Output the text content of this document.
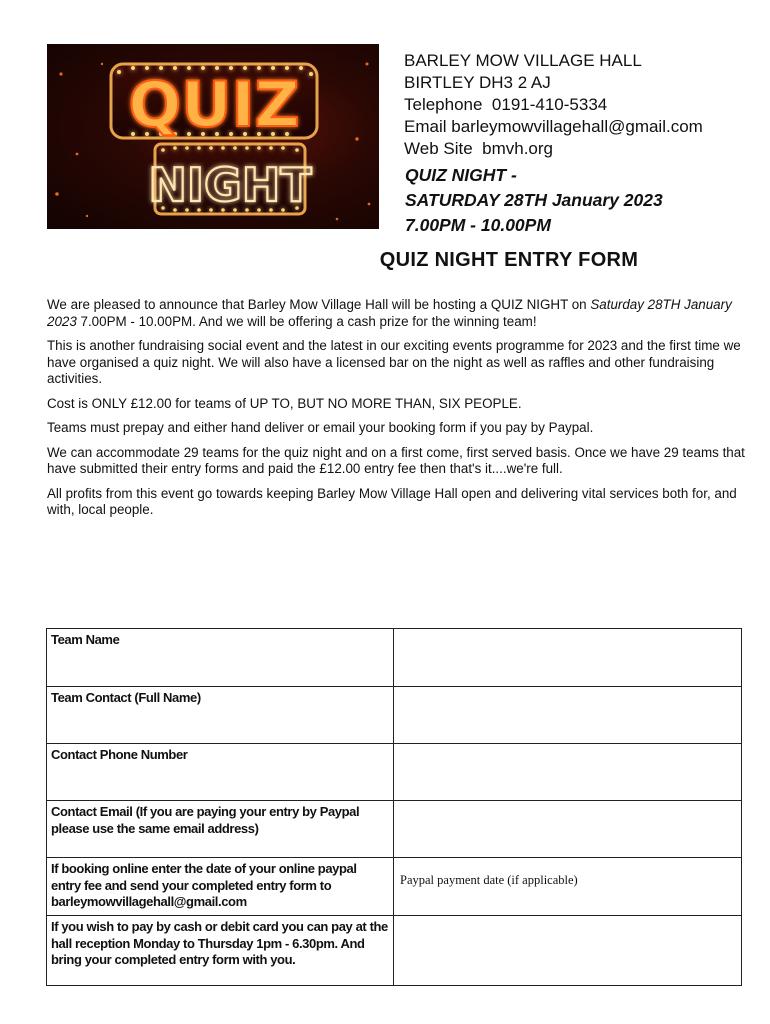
QUIZ
NIGHT
BARLEY MOW VILLAGE HALL
BIRTLEY DH3 2 AJ
Telephone 0191-410-5334
Email barleymowvillagehall@gmail.com
Web Site bmvh.org
QUIZ NIGHT -
SATURDAY 28TH January 2023
7.00PM - 10.00PM
QUIZ NIGHT ENTRY FORM

We are pleased to announce that Barley Mow Village Hall will be hosting a QUIZ NIGHT on Saturday 28TH January 2023 7.00PM - 10.00PM. And we will be offering a cash prize for the winning team!

This is another fundraising social event and the latest in our exciting events programme for 2023 and the first time we have organised a quiz night. We will also have a licensed bar on the night as well as raffles and other fundraising activities.

Cost is ONLY £12.00 for teams of UP TO, BUT NO MORE THAN, SIX PEOPLE.

Teams must prepay and either hand deliver or email your booking form if you pay by Paypal.

We can accommodate 29 teams for the quiz night and on a first come, first served basis. Once we have 29 teams that have submitted their entry forms and paid the £12.00 entry fee then that's it....we're full.

All profits from this event go towards keeping Barley Mow Village Hall open and delivering vital services both for, and with, local people.

Team Name	
Team Contact (Full Name)	
Contact Phone Number	
Contact Email (If you are paying your entry by Paypal please use the same email address)	
If booking online enter the date of your online paypal entry fee and send your completed entry form to barleymowvillagehall@gmail.com	Paypal payment date (if applicable)
If you wish to pay by cash or debit card you can pay at the hall reception Monday to Thursday 1pm - 6.30pm. And bring your completed entry form with you.	
